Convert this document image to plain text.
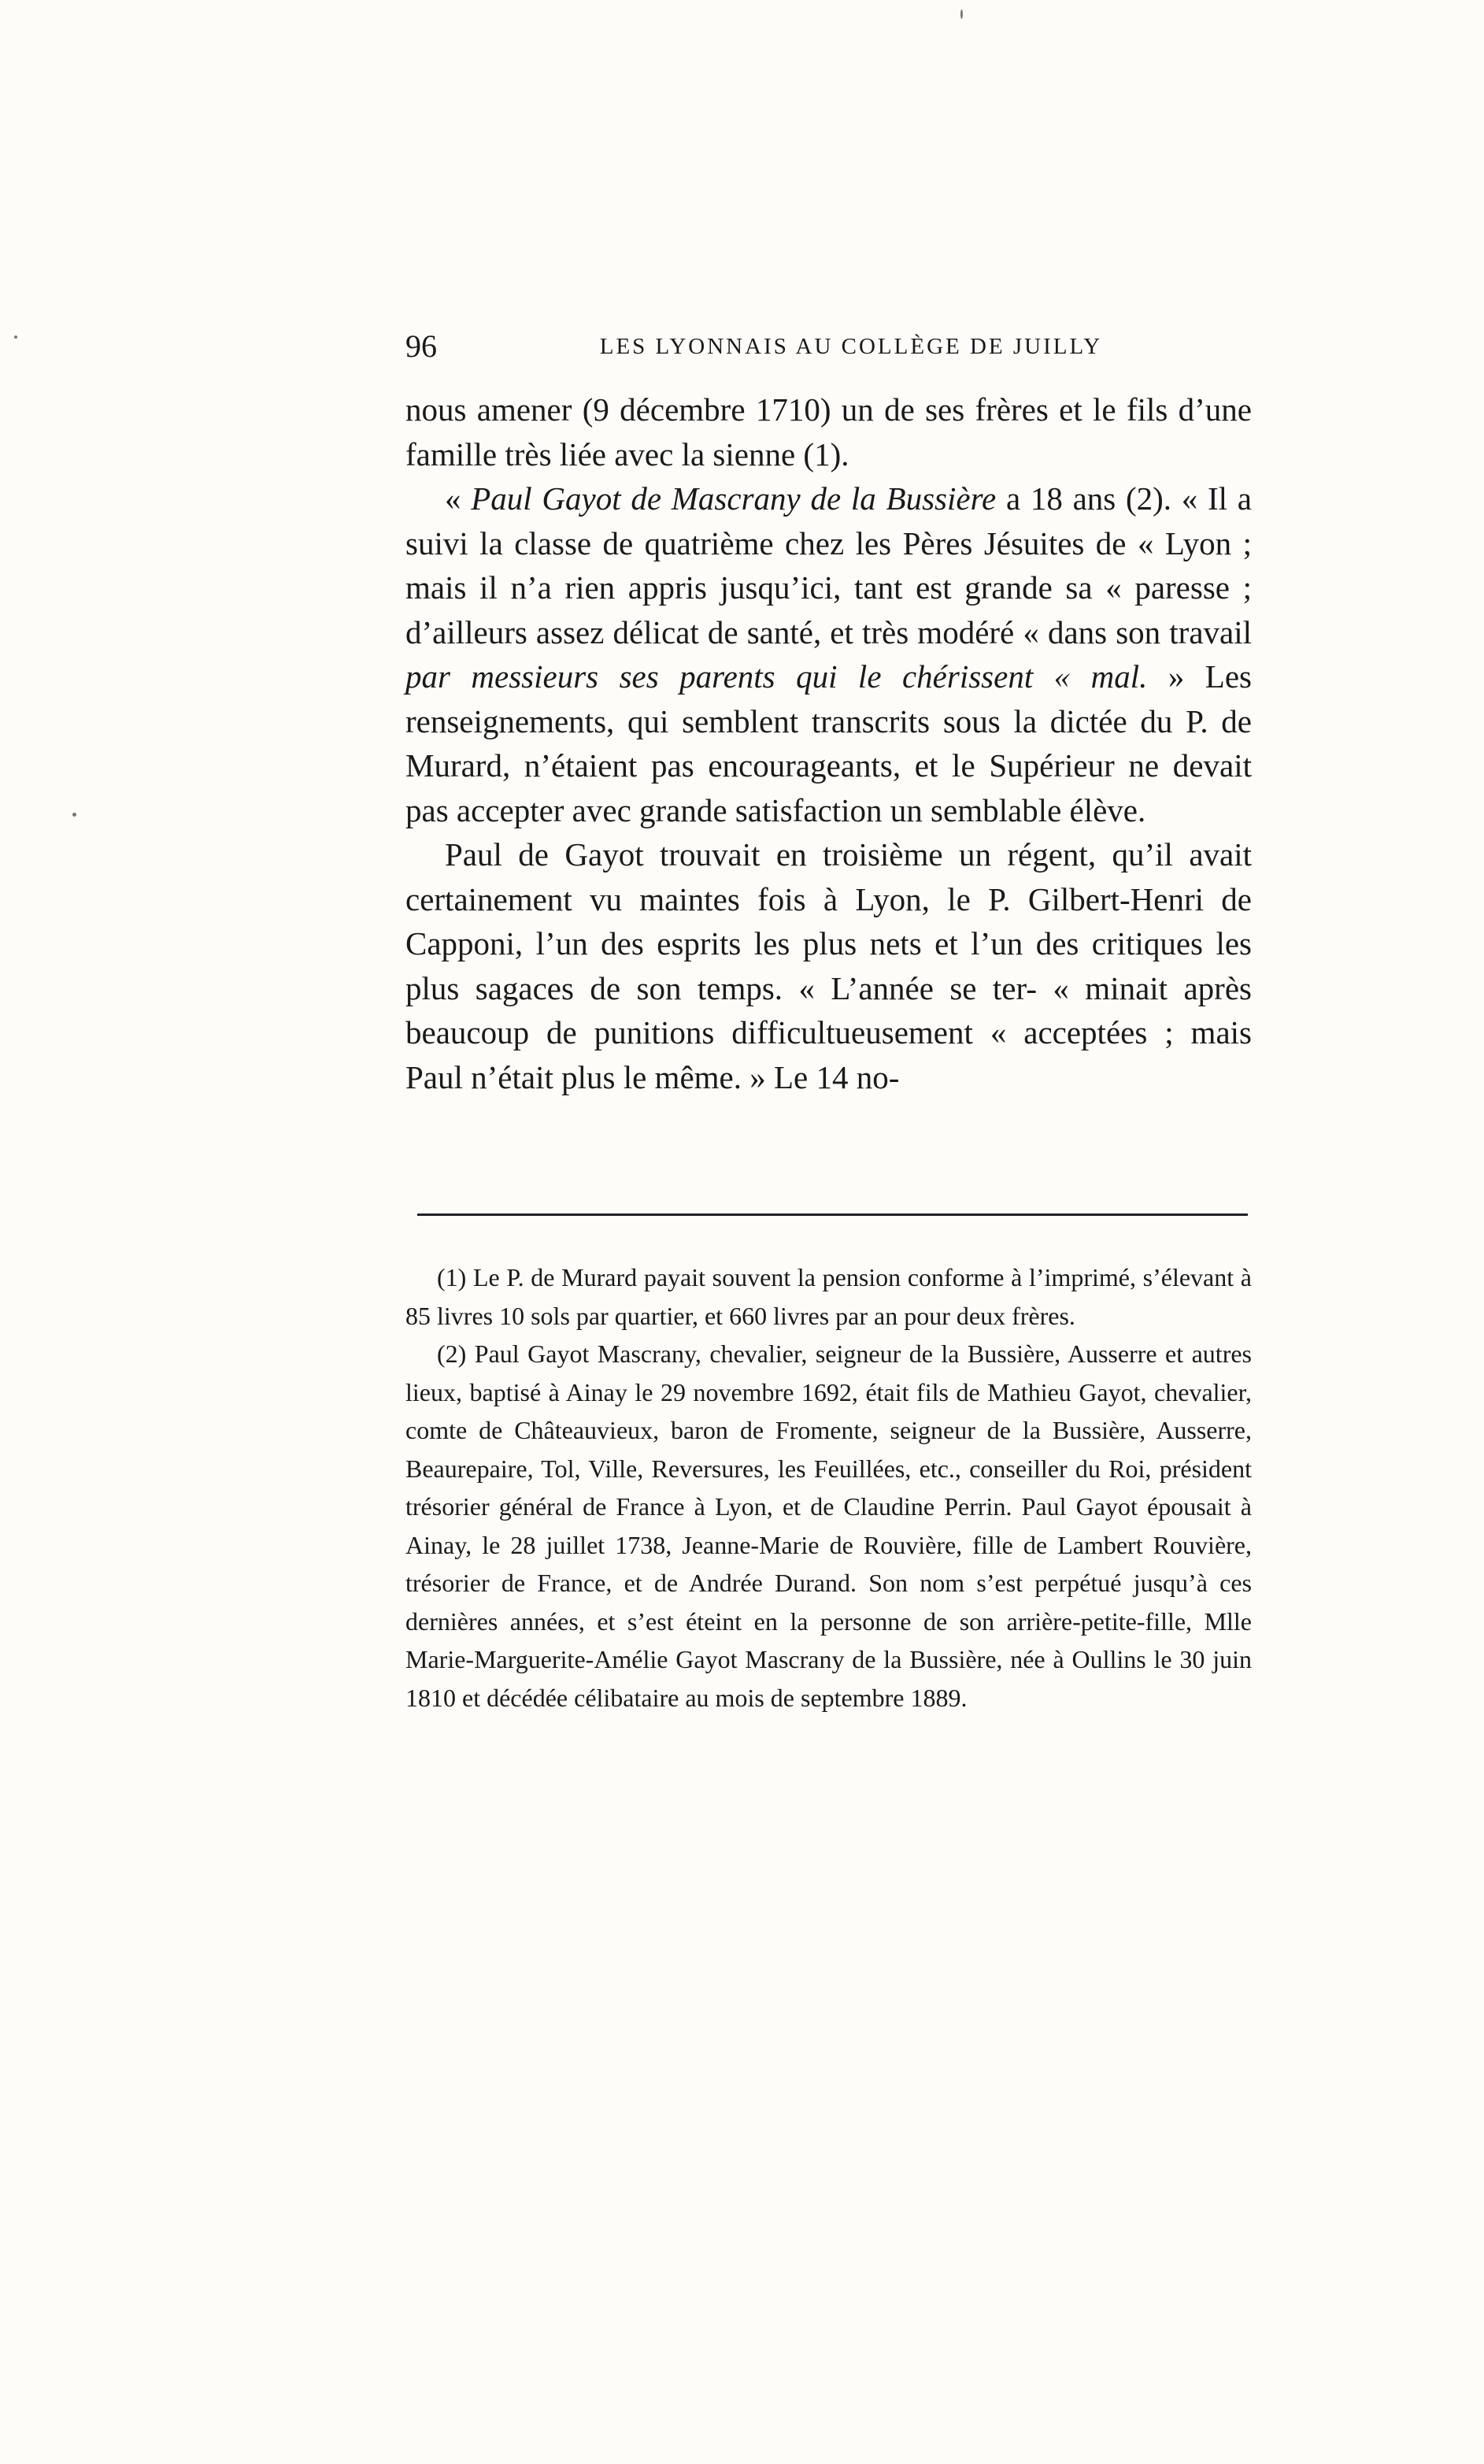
96	LES LYONNAIS AU COLLÈGE DE JUILLY

nous amener (9 décembre 1710) un de ses frères et le fils d’une famille très liée avec la sienne (1).

« Paul Gayot de Mascrany de la Bussière a 18 ans (2). « Il a suivi la classe de quatrième chez les Pères Jésuites de « Lyon ; mais il n’a rien appris jusqu’ici, tant est grande sa « paresse ; d’ailleurs assez délicat de santé, et très modéré « dans son travail par messieurs ses parents qui le chérissent « mal. » Les renseignements, qui semblent transcrits sous la dictée du P. de Murard, n’étaient pas encourageants, et le Supérieur ne devait pas accepter avec grande satisfaction un semblable élève.

Paul de Gayot trouvait en troisième un régent, qu’il avait certainement vu maintes fois à Lyon, le P. Gilbert-Henri de Capponi, l’un des esprits les plus nets et l’un des critiques les plus sagaces de son temps. « L’année se ter- « minait après beaucoup de punitions difficultueusement « acceptées ; mais Paul n’était plus le même. » Le 14 no-

(1) Le P. de Murard payait souvent la pension conforme à l’imprimé, s’élevant à 85 livres 10 sols par quartier, et 660 livres par an pour deux frères.

(2) Paul Gayot Mascrany, chevalier, seigneur de la Bussière, Ausserre et autres lieux, baptisé à Ainay le 29 novembre 1692, était fils de Mathieu Gayot, chevalier, comte de Châteauvieux, baron de Fromente, seigneur de la Bussière, Ausserre, Beaurepaire, Tol, Ville, Reversures, les Feuillées, etc., conseiller du Roi, président trésorier général de France à Lyon, et de Claudine Perrin. Paul Gayot épousait à Ainay, le 28 juillet 1738, Jeanne-Marie de Rouvière, fille de Lambert Rouvière, trésorier de France, et de Andrée Durand. Son nom s’est perpétué jusqu’à ces dernières années, et s’est éteint en la personne de son arrière-petite-fille, Mlle Marie-Marguerite-Amélie Gayot Mascrany de la Bussière, née à Oullins le 30 juin 1810 et décédée célibataire au mois de septembre 1889.
